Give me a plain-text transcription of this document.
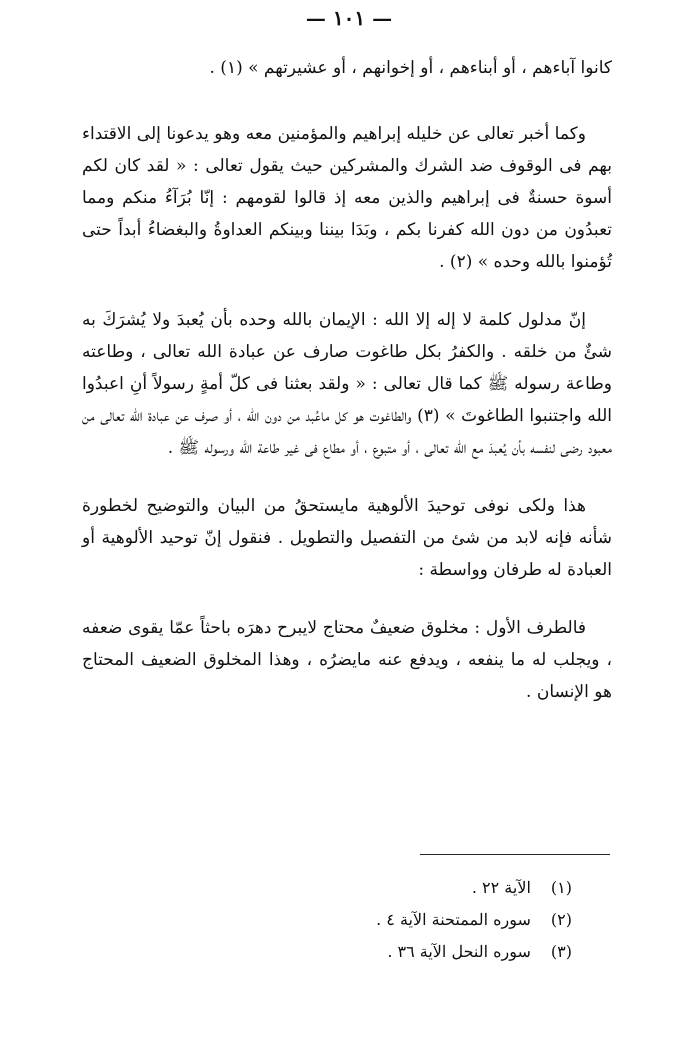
— ١٠١ —

كانوا آباءهم ، أو أبناءهم ، أو إخوانهم ، أو عشيرتهم » (١) .

وكما أخبر تعالى عن خليله إبراهيم والمؤمنين معه وهو يدعونا إلى الاقتداء بهم فى الوقوف ضد الشرك والمشركين حيث يقول تعالى : « لقد كان لكم أسوة حسنةٌ فى إبراهيم والذين معه إذ قالوا لقومهم : إنّا بُرَآءُ منكم ومما تعبدُون من دون الله كفرنا بكم ، وبَدَا بيننا وبينكم العداوةُ والبغضاءُ أبداً حتى تُؤمنوا بالله وحده » (٢) .

إنّ مدلول كلمة لا إله إلا الله : الإيمان بالله وحده بأن يُعبدَ ولا يُشرَكَ به شئٌ من خلقه . والكفرُ بكل طاغوت صارف عن عبادة الله تعالى ، وطاعته وطاعة رسوله ﷺ كما قال تعالى : « ولقد بعثنا فى كلّ أمةٍ رسولاً أنِ اعبدُوا الله واجتنبوا الطاغوتَ » (٣) والطاغوت هو كل ماعُبد من دون الله ، أو صرف عن عبادة الله تعالى من معبود رضى لنفسه بأن يُعبدَ مع الله تعالى ، أو متبوع ، أو مطاع فى غير طاعة الله ورسوله ﷺ .

هذا ولكى نوفى توحيدَ الألوهية مايستحقُ من البيان والتوضيح لخطورة شأنه فإنه لابد من شئ من التفصيل والتطويل . فنقول إنّ توحيد الألوهية أو العبادة له طرفان وواسطة :

فالطرف الأول : مخلوق ضعيفٌ محتاج لايبرح دهرَه باحثاً عمّا يقوى ضعفه ، ويجلب له ما ينفعه ، ويدفع عنه مايضرُه ، وهذا المخلوق الضعيف المحتاج هو الإنسان .

(١) الآية ٢٢ .
(٢) سوره الممتحنة الآية ٤ .
(٣) سوره النحل الآية ٣٦ .
